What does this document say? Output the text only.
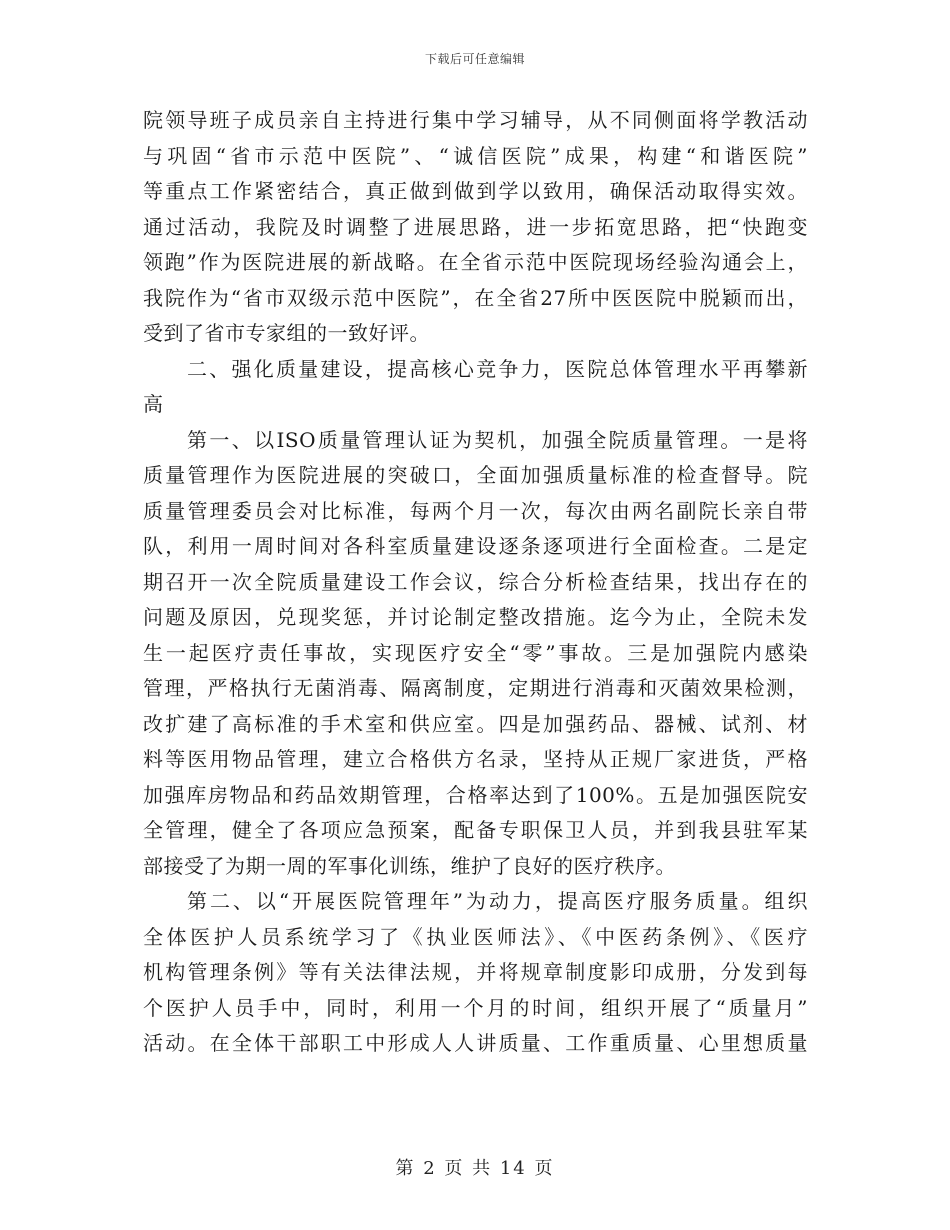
下载后可任意编辑
院领导班子成员亲自主持进行集中学习辅导，从不同侧面将学教活动
与巩固“省市示范中医院”、“诚信医院”成果，构建“和谐医院”
等重点工作紧密结合，真正做到做到学以致用，确保活动取得实效。
通过活动，我院及时调整了进展思路，进一步拓宽思路，把“快跑变
领跑”作为医院进展的新战略。在全省示范中医院现场经验沟通会上，
我院作为“省市双级示范中医院”，在全省27所中医医院中脱颖而出，
受到了省市专家组的一致好评。
二、强化质量建设，提高核心竞争力，医院总体管理水平再攀新
高
第一、以ISO质量管理认证为契机，加强全院质量管理。一是将
质量管理作为医院进展的突破口，全面加强质量标准的检查督导。院
质量管理委员会对比标准，每两个月一次，每次由两名副院长亲自带
队，利用一周时间对各科室质量建设逐条逐项进行全面检查。二是定
期召开一次全院质量建设工作会议，综合分析检查结果，找出存在的
问题及原因，兑现奖惩，并讨论制定整改措施。迄今为止，全院未发
生一起医疗责任事故，实现医疗安全“零”事故。三是加强院内感染
管理，严格执行无菌消毒、隔离制度，定期进行消毒和灭菌效果检测，
改扩建了高标准的手术室和供应室。四是加强药品、器械、试剂、材
料等医用物品管理，建立合格供方名录，坚持从正规厂家进货，严格
加强库房物品和药品效期管理，合格率达到了100%。五是加强医院安
全管理，健全了各项应急预案，配备专职保卫人员，并到我县驻军某
部接受了为期一周的军事化训练，维护了良好的医疗秩序。
第二、以“开展医院管理年”为动力，提高医疗服务质量。组织
全体医护人员系统学习了《执业医师法》、《中医药条例》、《医疗
机构管理条例》等有关法律法规，并将规章制度影印成册，分发到每
个医护人员手中，同时，利用一个月的时间，组织开展了“质量月”
活动。在全体干部职工中形成人人讲质量、工作重质量、心里想质量
第 2 页 共 14 页
